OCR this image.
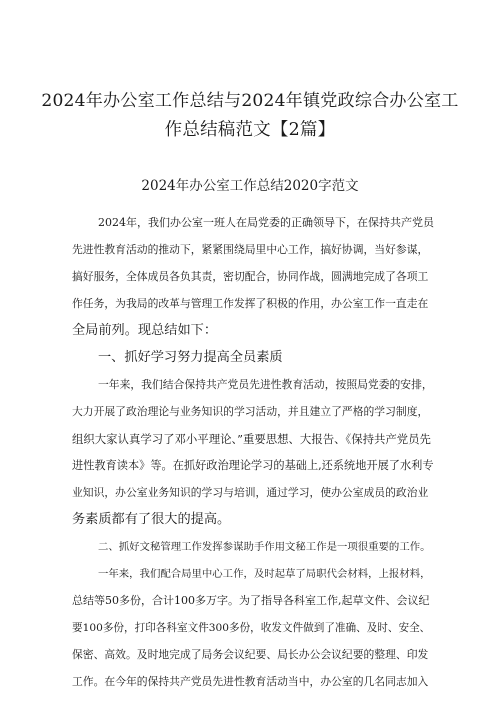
2024年办公室工作总结与2024年镇党政综合办公室工
作总结稿范文【2篇】
2024年办公室工作总结2020字范文
2024年，我们办公室一班人在局党委的正确领导下，在保持共产党员
先进性教育活动的推动下，紧紧围绕局里中心工作，搞好协调，当好参谋，
搞好服务，全体成员各负其责，密切配合，协同作战，圆满地完成了各项工
作任务，为我局的改革与管理工作发挥了积极的作用，办公室工作一直走在
全局前列。现总结如下：
一、抓好学习努力提高全员素质
一年来，我们结合保持共产党员先进性教育活动，按照局党委的安排，
大力开展了政治理论与业务知识的学习活动，并且建立了严格的学习制度，
组织大家认真学习了邓小平理论、”重要思想、大报告、《保持共产党员先
进性教育读本》等。在抓好政治理论学习的基础上,还系统地开展了水利专
业知识，办公室业务知识的学习与培训，通过学习，使办公室成员的政治业
务素质都有了很大的提高。
二、抓好文秘管理工作发挥参谋助手作用文秘工作是一项很重要的工作。
一年来，我们配合局里中心工作，及时起草了局职代会材料，上报材料，
总结等50多份，合计100多万字。为了指导各科室工作,起草文件、会议纪
要100多份，打印各科室文件300多份，收发文件做到了准确、及时、安全、
保密、高效。及时地完成了局务会议纪要、局长办公会议纪要的整理、印发
工作。在今年的保持共产党员先进性教育活动当中，办公室的几名同志加入
